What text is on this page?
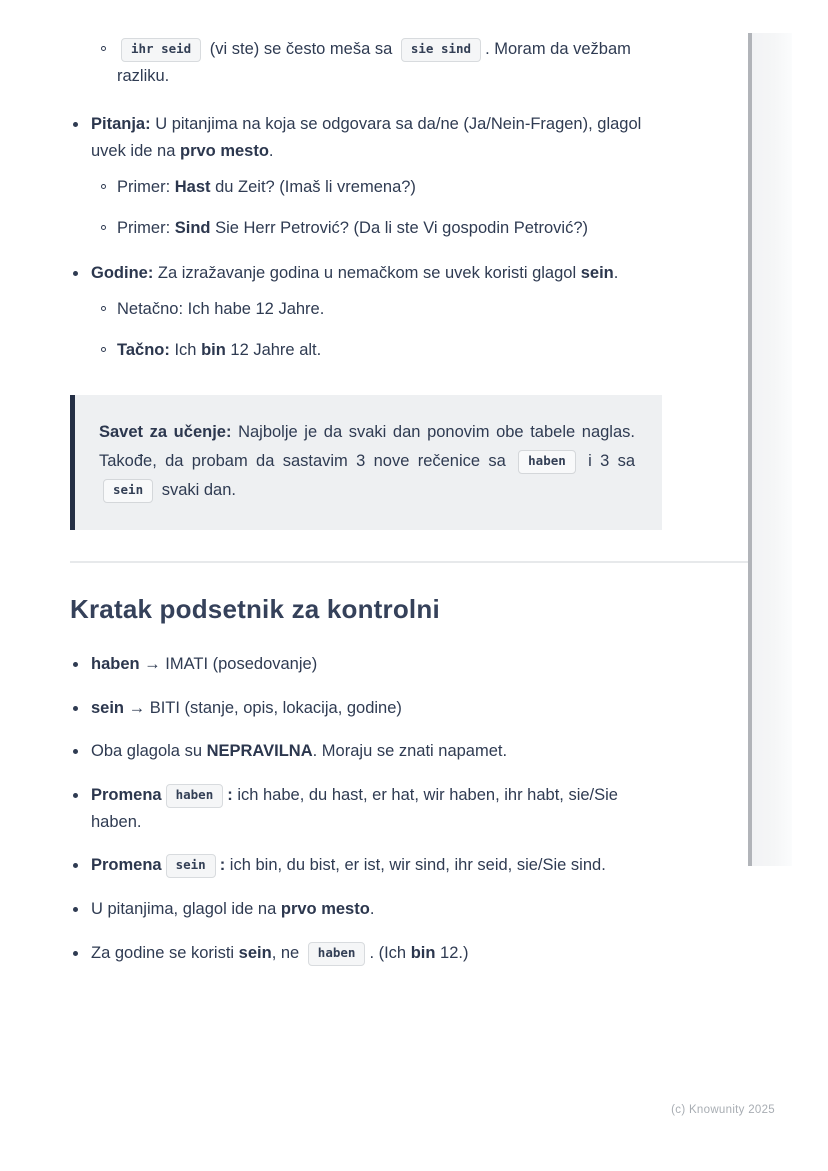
ihr seid (vi ste) se često meša sa sie sind . Moram da vežbam razliku.
Pitanja: U pitanjima na koja se odgovara sa da/ne (Ja/Nein-Fragen), glagol uvek ide na prvo mesto.
Primer: Hast du Zeit? (Imaš li vremena?)
Primer: Sind Sie Herr Petrović? (Da li ste Vi gospodin Petrović?)
Godine: Za izražavanje godina u nemačkom se uvek koristi glagol sein.
Netačno: Ich habe 12 Jahre.
Tačno: Ich bin 12 Jahre alt.
Savet za učenje: Najbolje je da svaki dan ponovim obe tabele naglas. Takođe, da probam da sastavim 3 nove rečenice sa haben i 3 sa sein svaki dan.
Kratak podsetnik za kontrolni
haben → IMATI (posedovanje)
sein → BITI (stanje, opis, lokacija, godine)
Oba glagola su NEPRAVILNA. Moraju se znati napamet.
Promena haben : ich habe, du hast, er hat, wir haben, ihr habt, sie/Sie haben.
Promena sein : ich bin, du bist, er ist, wir sind, ihr seid, sie/Sie sind.
U pitanjima, glagol ide na prvo mesto.
Za godine se koristi sein, ne haben . (Ich bin 12.)
(c) Knowunity 2025
